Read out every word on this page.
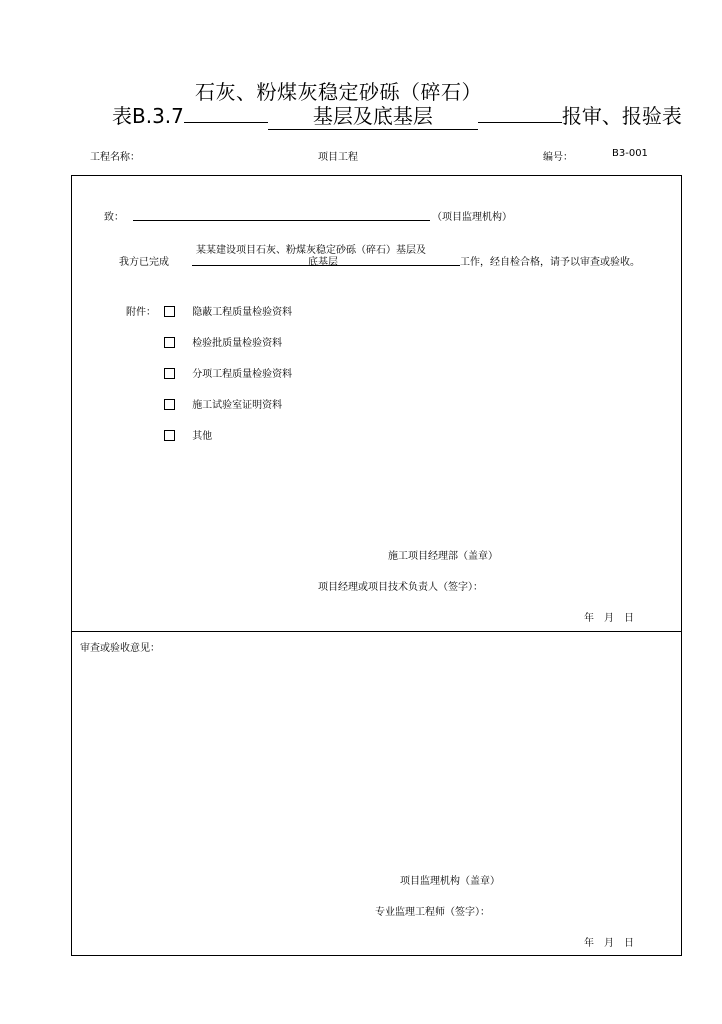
石灰、粉煤灰稳定砂砾（碎石）
表B.3.7	基层及底基层	报审、报验表
工程名称：	项目工程	编号：	B3-001
致：	（项目监理机构）
我方已完成
某某建设项目石灰、粉煤灰稳定砂砾（碎石）基层及
底基层	工作，经自检合格，请予以审查或验收。
附件：	隐蔽工程质量检验资料
检验批质量检验资料
分项工程质量检验资料
施工试验室证明资料
其他
施工项目经理部（盖章）
项目经理或项目技术负责人（签字）：
年　月　日
审查或验收意见：
项目监理机构（盖章）
专业监理工程师（签字）：
年　月　日
